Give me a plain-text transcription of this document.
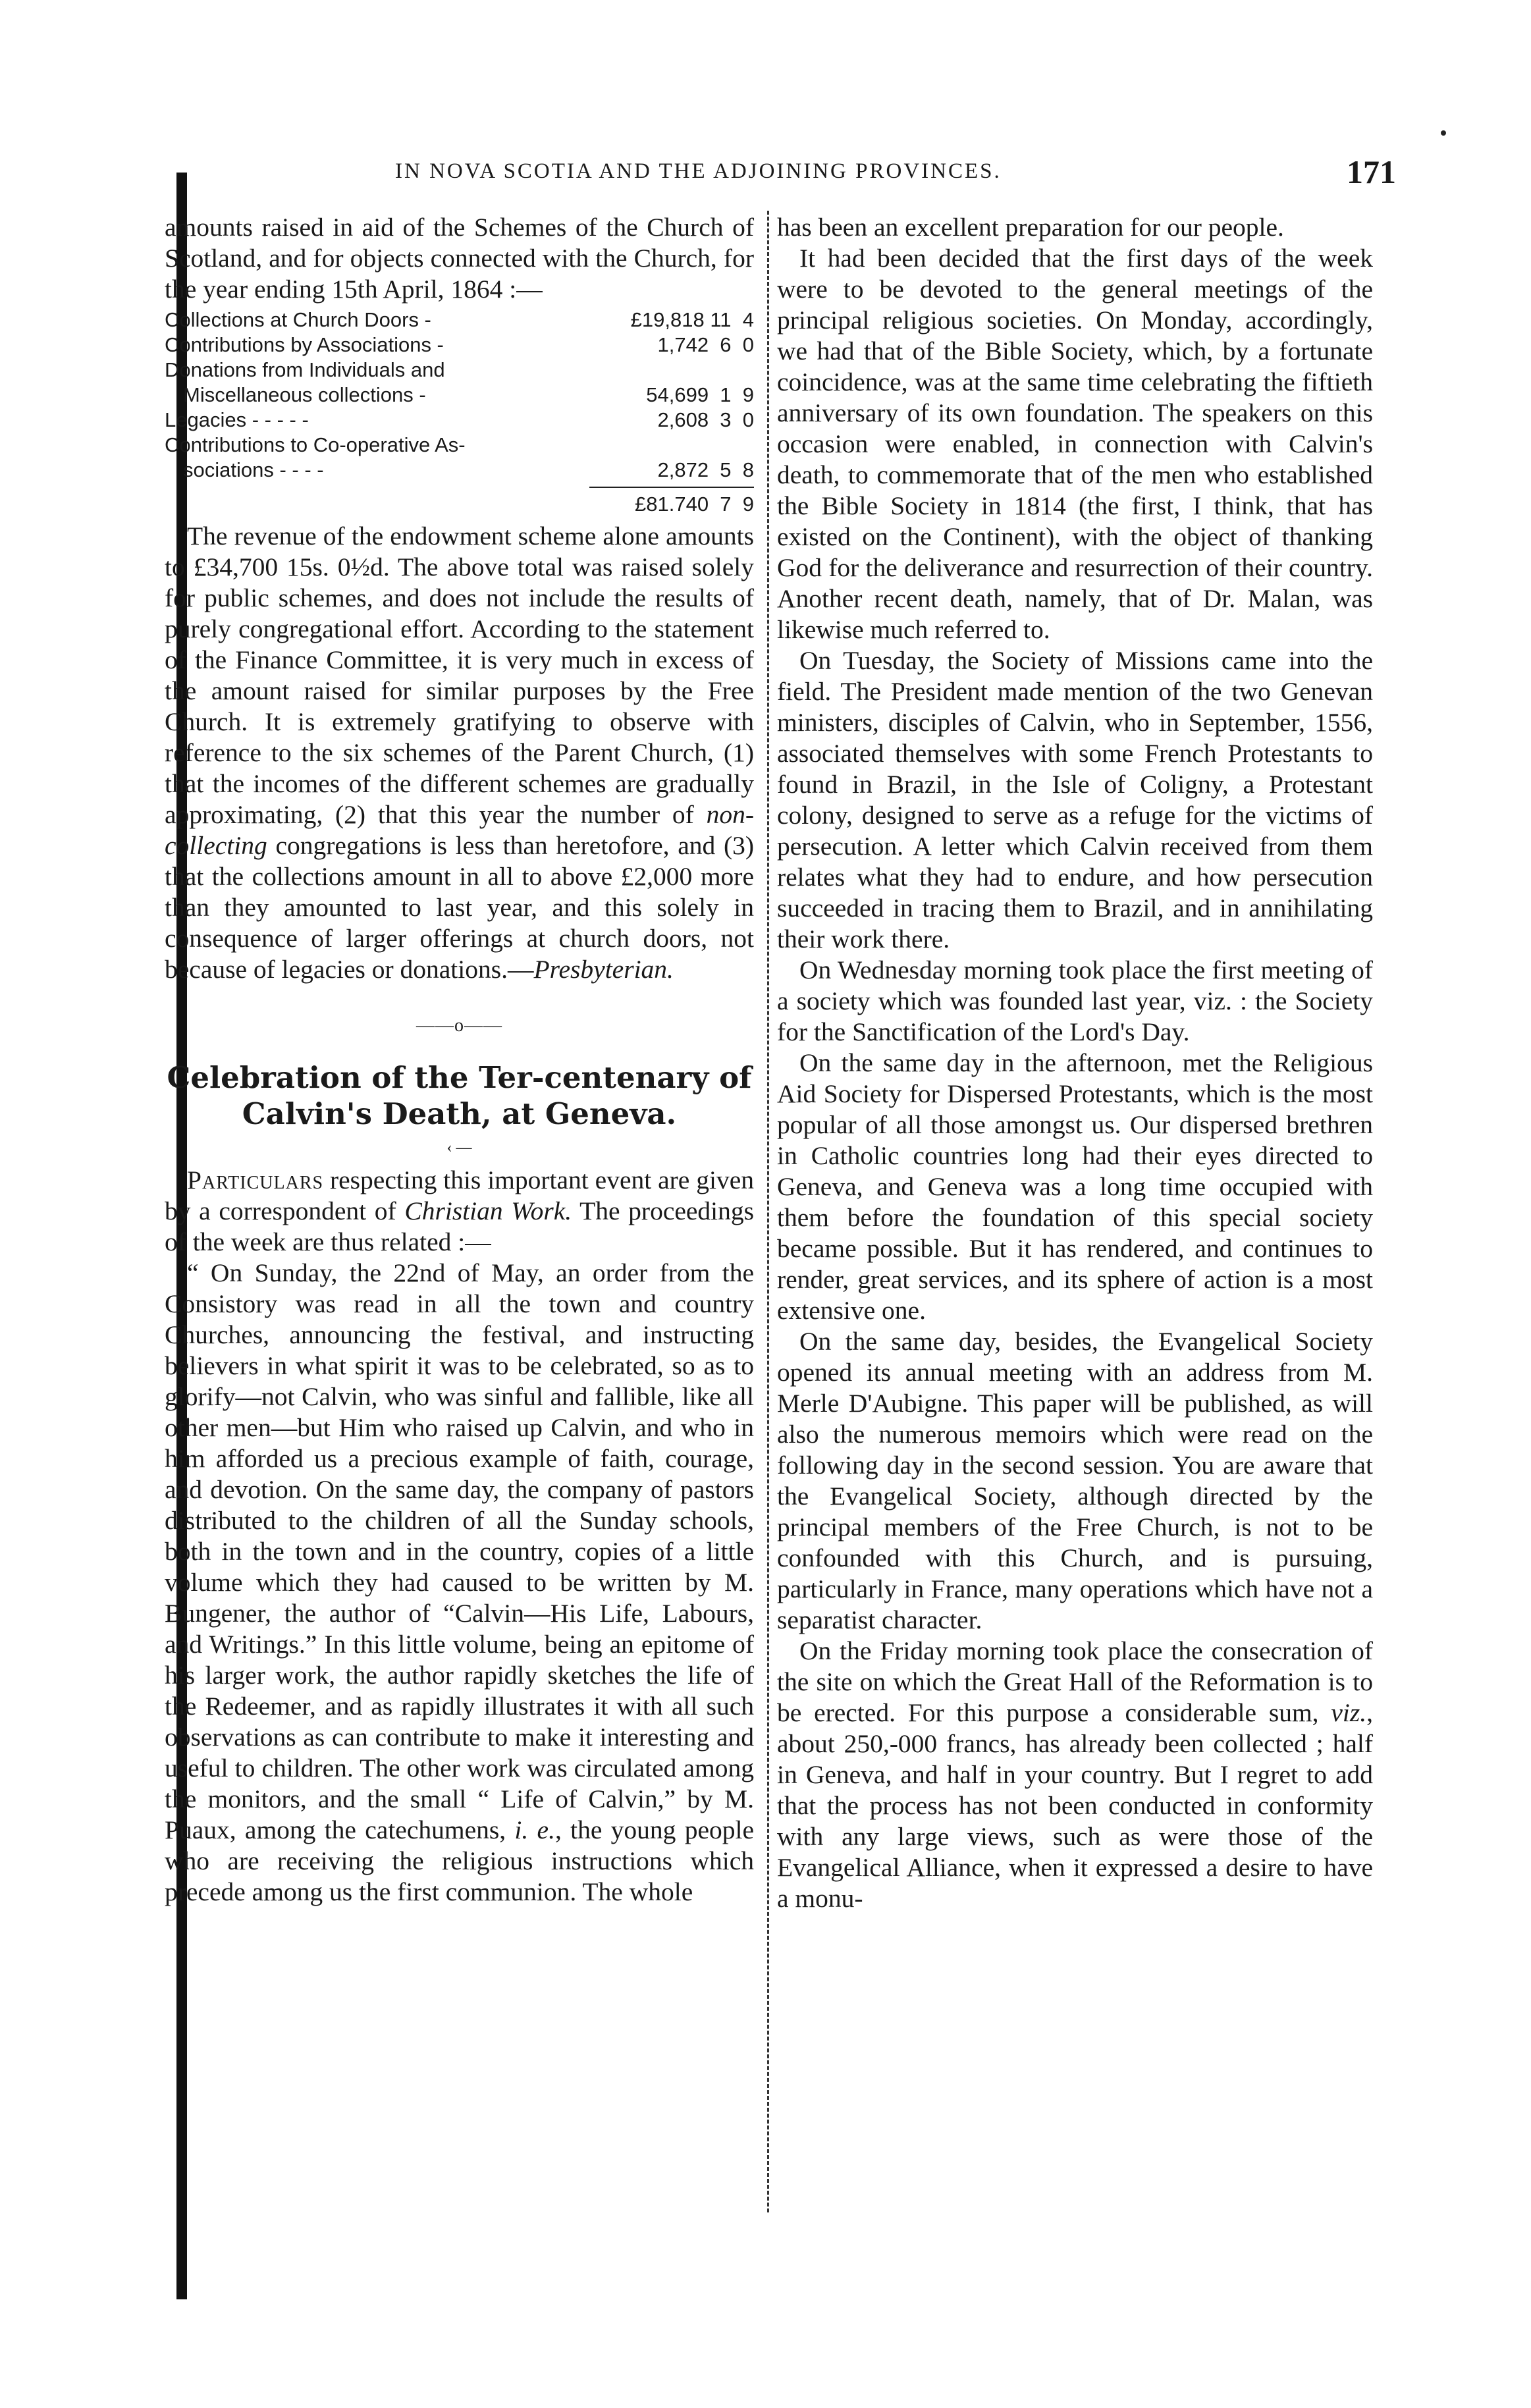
IN NOVA SCOTIA AND THE ADJOINING PROVINCES.	171

amounts raised in aid of the Schemes of the Church of Scotland, and for objects connected with the Church, for the year ending 15th April, 1864 :—

Collections at Church Doors -	£19,818 11  4
Contributions by Associations -	1,742  6  0
Donations from Individuals and
Miscellaneous collections -	54,699  1  9
Legacies - - - - -	2,608  3  0
Contributions to Co-operative As-
sociations - - - -	2,872  5  8
£81.740  7  9

The revenue of the endowment scheme alone amounts to £34,700 15s. 0½d. The above total was raised solely for public schemes, and does not include the results of purely congregational effort. According to the statement of the Finance Committee, it is very much in excess of the amount raised for similar purposes by the Free Church. It is extremely gratifying to observe with reference to the six schemes of the Parent Church, (1) that the incomes of the different schemes are gradually approximating, (2) that this year the number of non-collecting congregations is less than heretofore, and (3) that the collections amount in all to above £2,000 more than they amounted to last year, and this solely in consequence of larger offerings at church doors, not because of legacies or donations.—Presbyterian.

——o——
Celebration of the Ter-centenary of Calvin's Death, at Geneva.
‹ —

Particulars respecting this important event are given by a correspondent of Christian Work. The proceedings of the week are thus related :—

“ On Sunday, the 22nd of May, an order from the Consistory was read in all the town and country Churches, announcing the festival, and instructing believers in what spirit it was to be celebrated, so as to glorify—not Calvin, who was sinful and fallible, like all other men—but Him who raised up Calvin, and who in him afforded us a precious example of faith, courage, and devotion. On the same day, the company of pastors distributed to the children of all the Sunday schools, both in the town and in the country, copies of a little volume which they had caused to be written by M. Bungener, the author of “Calvin—His Life, Labours, and Writings.” In this little volume, being an epitome of his larger work, the author rapidly sketches the life of the Redeemer, and as rapidly illustrates it with all such observations as can contribute to make it interesting and useful to children. The other work was circulated among the monitors, and the small “ Life of Calvin,” by M. Puaux, among the catechumens, i. e., the young people who are receiving the religious instructions which precede among us the first communion. The whole

has been an excellent preparation for our people.

It had been decided that the first days of the week were to be devoted to the general meetings of the principal religious societies. On Monday, accordingly, we had that of the Bible Society, which, by a fortunate coincidence, was at the same time celebrating the fiftieth anniversary of its own foundation. The speakers on this occasion were enabled, in connection with Calvin's death, to commemorate that of the men who established the Bible Society in 1814 (the first, I think, that has existed on the Continent), with the object of thanking God for the deliverance and resurrection of their country. Another recent death, namely, that of Dr. Malan, was likewise much referred to.

On Tuesday, the Society of Missions came into the field. The President made mention of the two Genevan ministers, disciples of Calvin, who in September, 1556, associated themselves with some French Protestants to found in Brazil, in the Isle of Coligny, a Protestant colony, designed to serve as a refuge for the victims of persecution. A letter which Calvin received from them relates what they had to endure, and how persecution succeeded in tracing them to Brazil, and in annihilating their work there.

On Wednesday morning took place the first meeting of a society which was founded last year, viz. : the Society for the Sanctification of the Lord's Day.

On the same day in the afternoon, met the Religious Aid Society for Dispersed Protestants, which is the most popular of all those amongst us. Our dispersed brethren in Catholic countries long had their eyes directed to Geneva, and Geneva was a long time occupied with them before the foundation of this special society became possible. But it has rendered, and continues to render, great services, and its sphere of action is a most extensive one.

On the same day, besides, the Evangelical Society opened its annual meeting with an address from M. Merle D'Aubigne. This paper will be published, as will also the numerous memoirs which were read on the following day in the second session. You are aware that the Evangelical Society, although directed by the principal members of the Free Church, is not to be confounded with this Church, and is pursuing, particularly in France, many operations which have not a separatist character.

On the Friday morning took place the consecration of the site on which the Great Hall of the Reformation is to be erected. For this purpose a considerable sum, viz., about 250,-000 francs, has already been collected ; half in Geneva, and half in your country. But I regret to add that the process has not been conducted in conformity with any large views, such as were those of the Evangelical Alliance, when it expressed a desire to have a monu-
